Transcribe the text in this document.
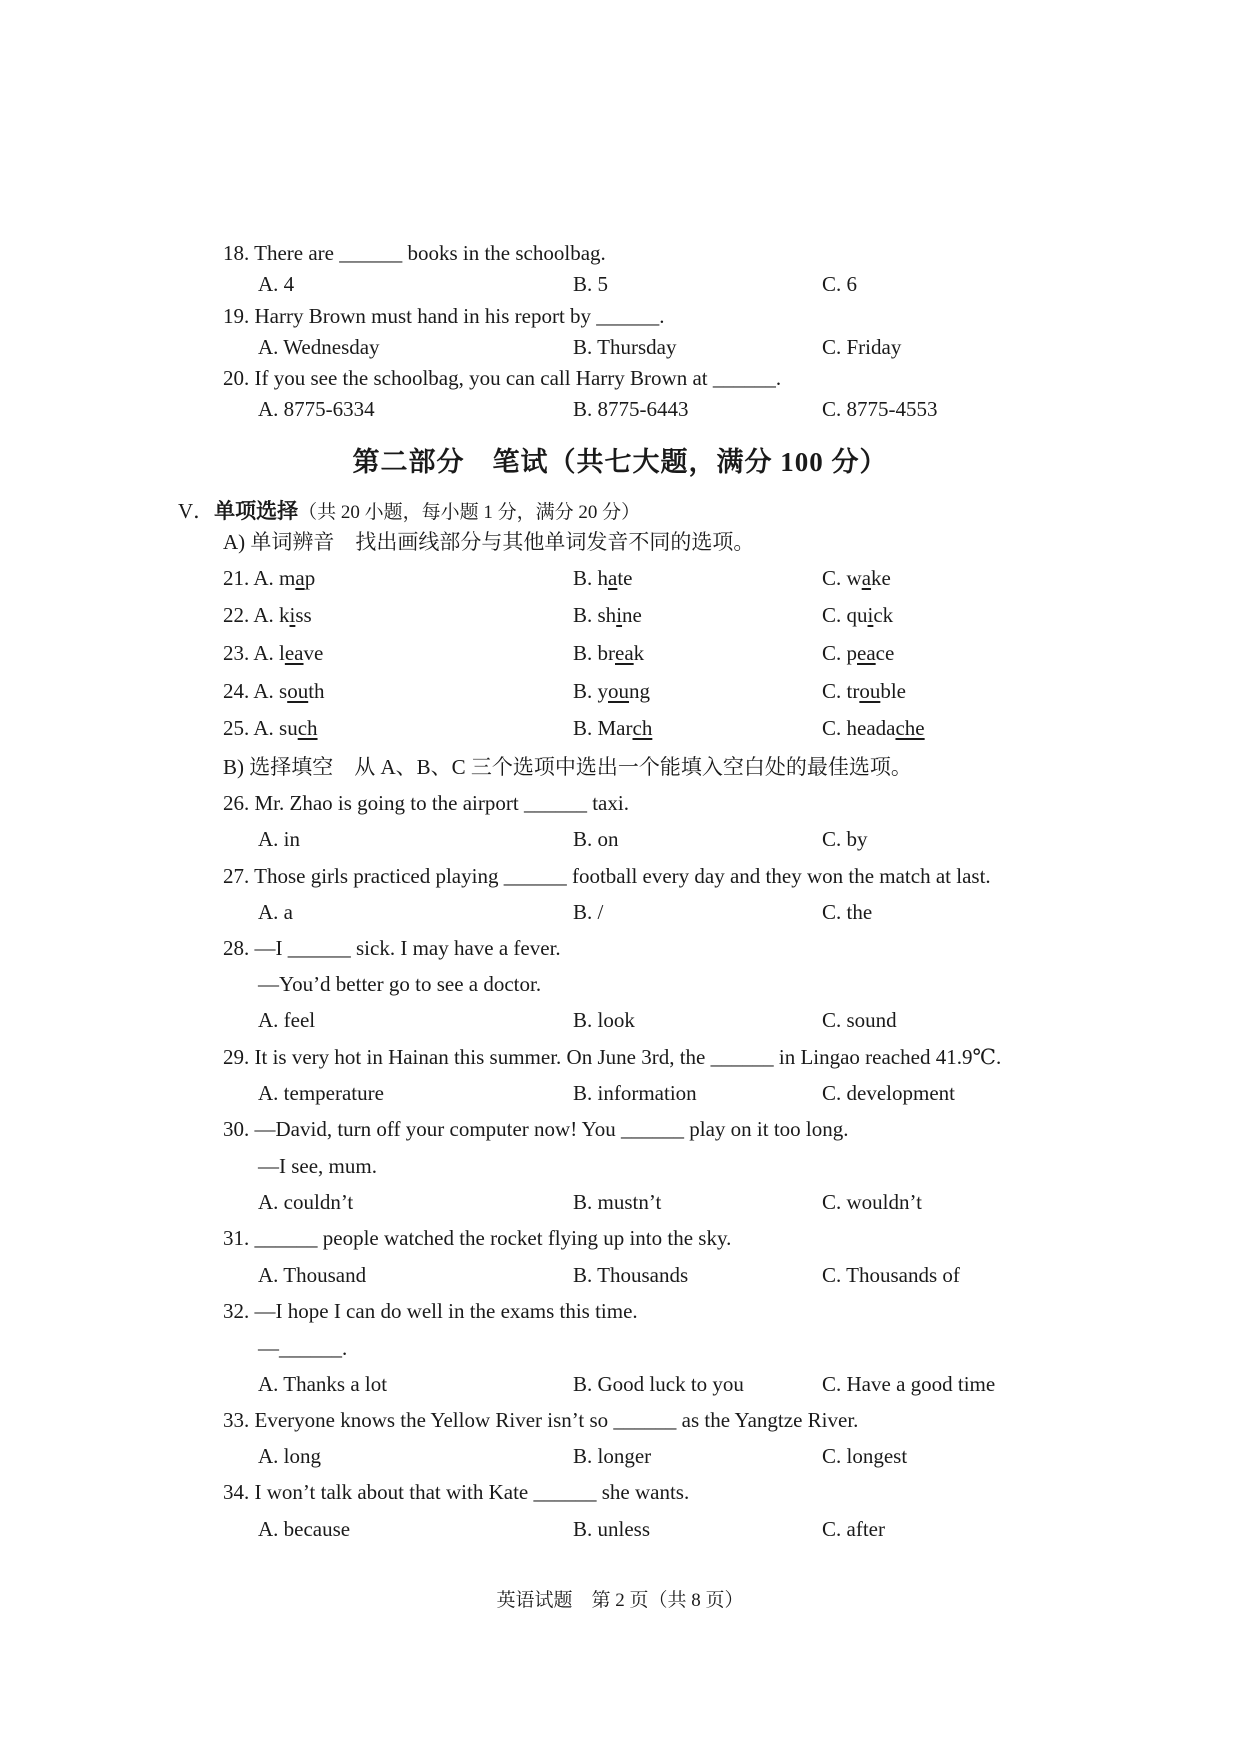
18. There are ______ books in the schoolbag.
A. 4	B. 5	C. 6
19. Harry Brown must hand in his report by ______.
A. Wednesday	B. Thursday	C. Friday
20. If you see the schoolbag, you can call Harry Brown at ______.
A. 8775-6334	B. 8775-6443	C. 8775-4553
第二部分　笔试（共七大题，满分 100 分）
V．单项选择（共 20 小题，每小题 1 分，满分 20 分）
A) 单词辨音　找出画线部分与其他单词发音不同的选项。
21. A. map	B. hate	C. wake
22. A. kiss	B. shine	C. quick
23. A. leave	B. break	C. peace
24. A. south	B. young	C. trouble
25. A. such	B. March	C. headache
B) 选择填空　从 A、B、C 三个选项中选出一个能填入空白处的最佳选项。
26. Mr. Zhao is going to the airport ______ taxi.
A. in	B. on	C. by
27. Those girls practiced playing ______ football every day and they won the match at last.
A. a	B. /	C. the
28. —I ______ sick. I may have a fever.
—You’d better go to see a doctor.
A. feel	B. look	C. sound
29. It is very hot in Hainan this summer. On June 3rd, the ______ in Lingao reached 41.9℃.
A. temperature	B. information	C. development
30. —David, turn off your computer now! You ______ play on it too long.
—I see, mum.
A. couldn’t	B. mustn’t	C. wouldn’t
31. ______ people watched the rocket flying up into the sky.
A. Thousand	B. Thousands	C. Thousands of
32. —I hope I can do well in the exams this time.
—______.
A. Thanks a lot	B. Good luck to you	C. Have a good time
33. Everyone knows the Yellow River isn’t so ______ as the Yangtze River.
A. long	B. longer	C. longest
34. I won’t talk about that with Kate ______ she wants.
A. because	B. unless	C. after
英语试题　第 2 页（共 8 页）
